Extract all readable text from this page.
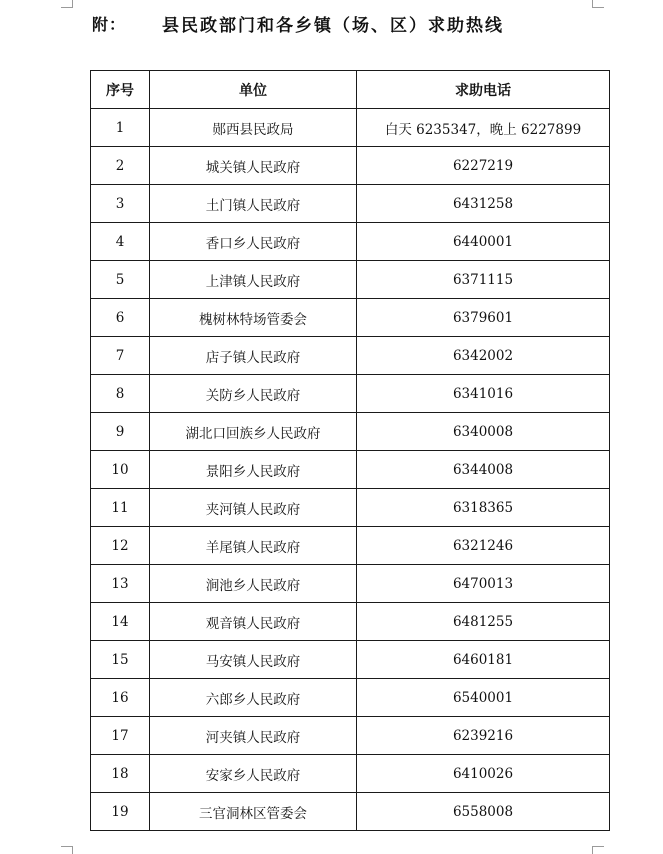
附： 县民政部门和各乡镇（场、区）求助热线
序号	单位	求助电话
1	郧西县民政局	白天 6235347，晚上 6227899
2	城关镇人民政府	6227219
3	土门镇人民政府	6431258
4	香口乡人民政府	6440001
5	上津镇人民政府	6371115
6	槐树林特场管委会	6379601
7	店子镇人民政府	6342002
8	关防乡人民政府	6341016
9	湖北口回族乡人民政府	6340008
10	景阳乡人民政府	6344008
11	夹河镇人民政府	6318365
12	羊尾镇人民政府	6321246
13	涧池乡人民政府	6470013
14	观音镇人民政府	6481255
15	马安镇人民政府	6460181
16	六郎乡人民政府	6540001
17	河夹镇人民政府	6239216
18	安家乡人民政府	6410026
19	三官洞林区管委会	6558008
